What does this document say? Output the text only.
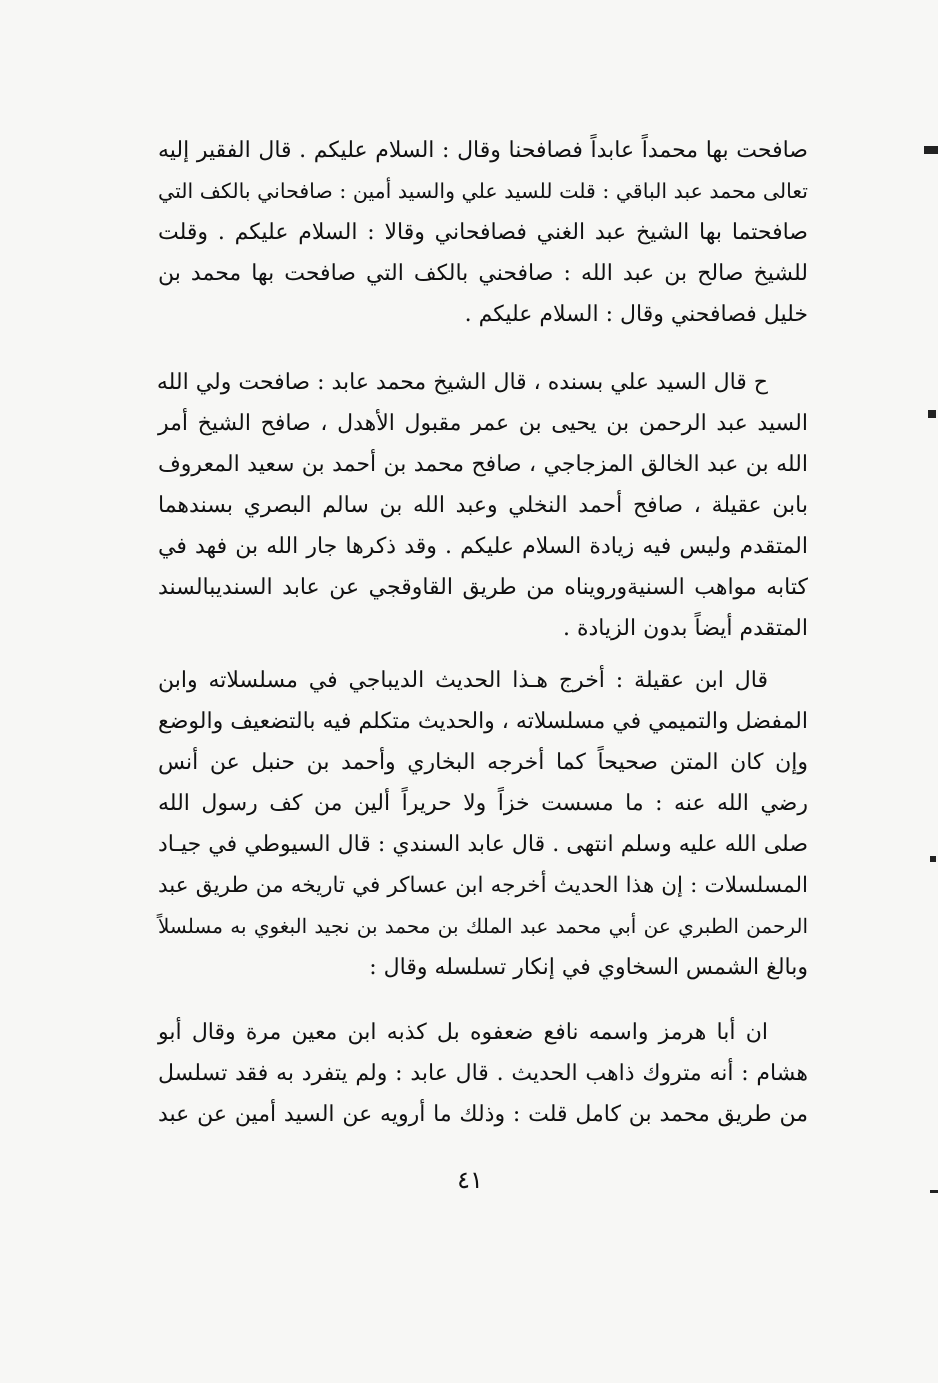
صافحت بها محمداً عابداً فصافحنا وقال : السلام عليكم . قال الفقير إليه
تعالى محمد عبد الباقي : قلت للسيد علي والسيد أمين : صافحاني بالكف التي
صافحتما بها الشيخ عبد الغني فصافحاني وقالا : السلام عليكم . وقلت
للشيخ صالح بن عبد الله : صافحني بالكف التي صافحت بها محمد بن
خليل فصافحني وقال : السلام عليكم .
ح قال السيد علي بسنده ، قال الشيخ محمد عابد : صافحت ولي الله
السيد عبد الرحمن بن يحيى بن عمر مقبول الأهدل ، صافح الشيخ أمر
الله بن عبد الخالق المزجاجي ، صافح محمد بن أحمد بن سعيد المعروف
بابن عقيلة ، صافح أحمد النخلي وعبد الله بن سالم البصري بسندهما
المتقدم وليس فيه زيادة السلام عليكم . وقد ذكرها جار الله بن فهد في
كتابه مواهب السنيةورويناه من طريق القاوقجي عن عابد السنديبالسند
المتقدم أيضاً بدون الزيادة .
قال ابن عقيلة : أخرج هـذا الحديث الديباجي في مسلسلاته وابن
المفضل والتميمي في مسلسلاته ، والحديث متكلم فيه بالتضعيف والوضع
وإن كان المتن صحيحاً كما أخرجه البخاري وأحمد بن حنبل عن أنس
رضي الله عنه : ما مسست خزاً ولا حريراً ألين من كف رسول الله
صلى الله عليه وسلم انتهى . قال عابد السندي : قال السيوطي في جيـاد
المسلسلات : إن هذا الحديث أخرجه ابن عساكر في تاريخه من طريق عبد
الرحمن الطبري عن أبي محمد عبد الملك بن محمد بن نجيد البغوي به مسلسلاً
وبالغ الشمس السخاوي في إنكار تسلسله وقال :
ان أبا هرمز واسمه نافع ضعفوه بل كذبه ابن معين مرة وقال أبو
هشام : أنه متروك ذاهب الحديث . قال عابد : ولم يتفرد به فقد تسلسل
من طريق محمد بن كامل قلت : وذلك ما أرويه عن السيد أمين عن عبد
٤١
